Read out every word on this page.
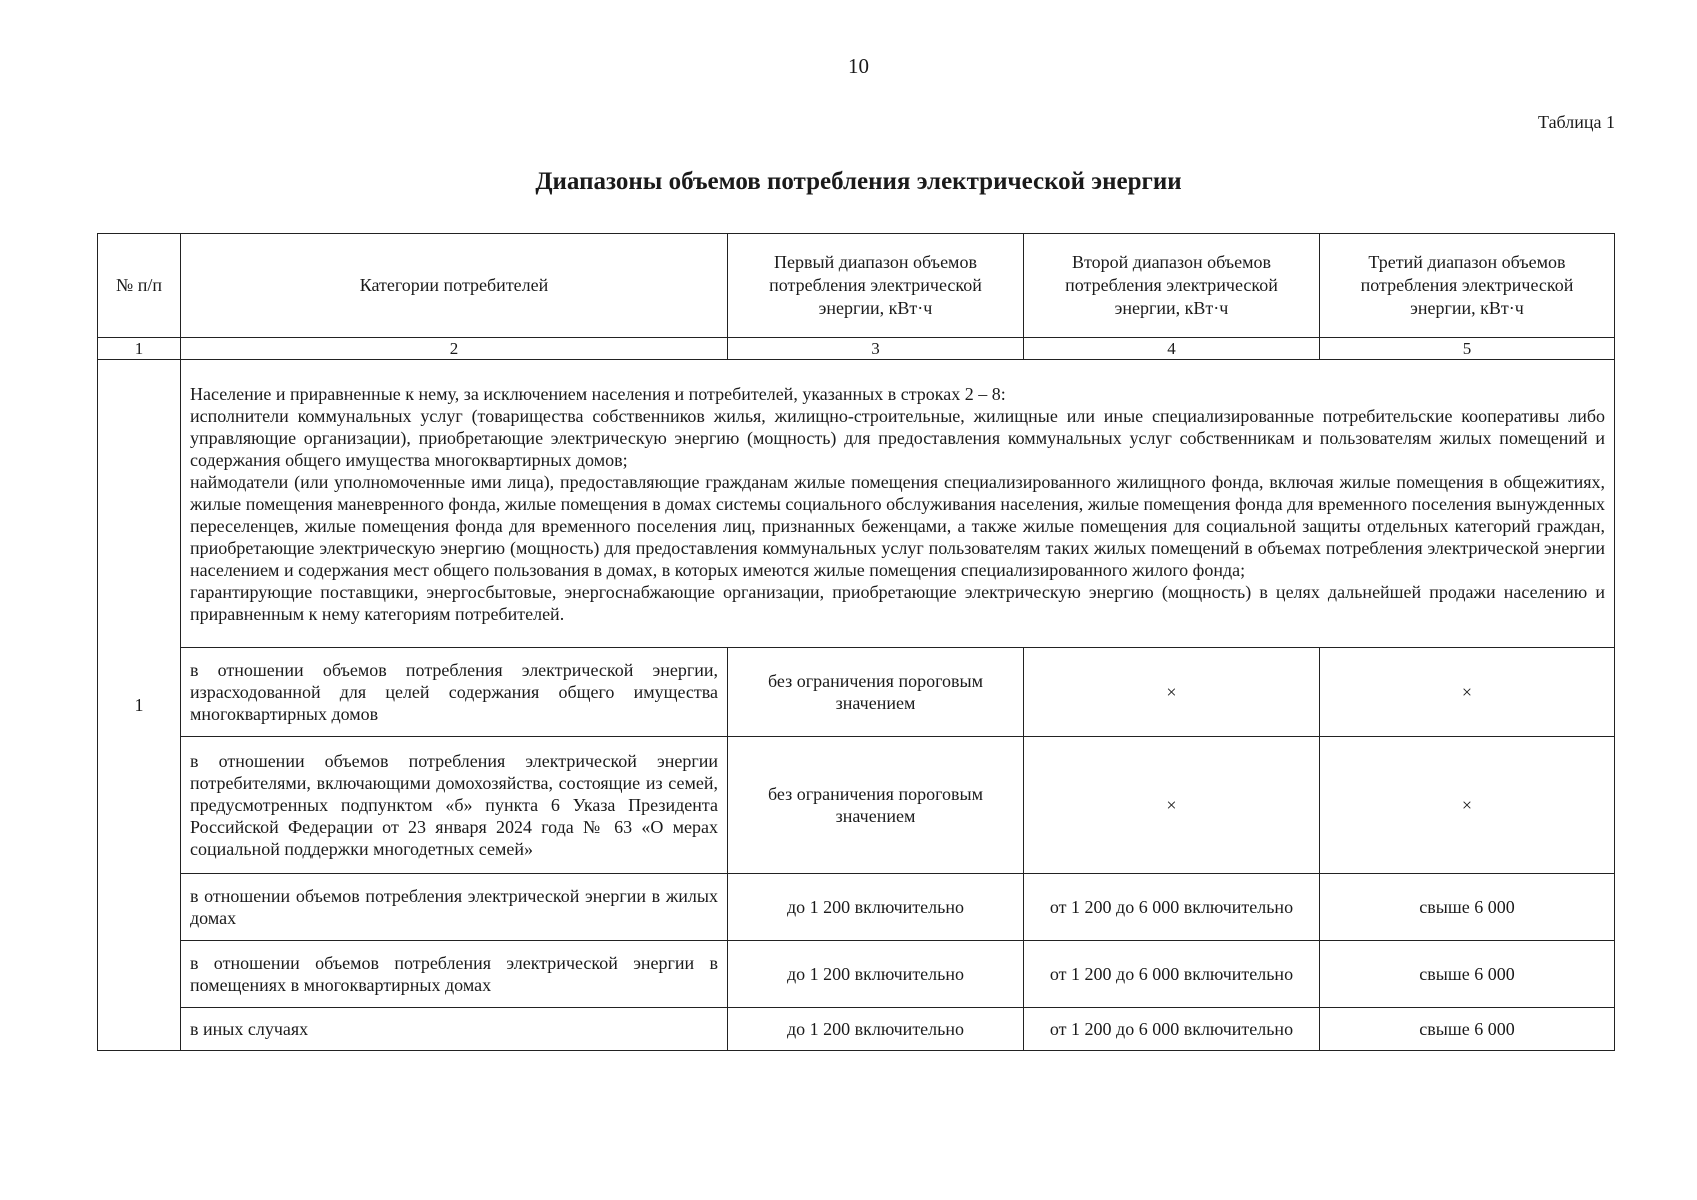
10
Таблица 1
Диапазоны объемов потребления электрической энергии
№ п/п	Категории потребителей	Первый диапазон объемов потребления электрической энергии, кВт·ч	Второй диапазон объемов потребления электрической энергии, кВт·ч	Третий диапазон объемов потребления электрической энергии, кВт·ч
1	2	3	4	5
1	Население и приравненные к нему, за исключением населения и потребителей, указанных в строках 2 – 8:

исполнители коммунальных услуг (товарищества собственников жилья, жилищно-строительные, жилищные или иные специализированные потребительские кооперативы либо управляющие организации), приобретающие электрическую энергию (мощность) для предоставления коммунальных услуг собственникам и пользователям жилых помещений и содержания общего имущества многоквартирных домов;

наймодатели (или уполномоченные ими лица), предоставляющие гражданам жилые помещения специализированного жилищного фонда, включая жилые помещения в общежитиях, жилые помещения маневренного фонда, жилые помещения в домах системы социального обслуживания населения, жилые помещения фонда для временного поселения вынужденных переселенцев, жилые помещения фонда для временного поселения лиц, признанных беженцами, а также жилые помещения для социальной защиты отдельных категорий граждан, приобретающие электрическую энергию (мощность) для предоставления коммунальных услуг пользователям таких жилых помещений в объемах потребления электрической энергии населением и содержания мест общего пользования в домах, в которых имеются жилые помещения специализированного жилого фонда;

гарантирующие поставщики, энергосбытовые, энергоснабжающие организации, приобретающие электрическую энергию (мощность) в целях дальнейшей продажи населению и приравненным к нему категориям потребителей.			

	в отношении объемов потребления электрической энергии, израсходованной для целей содержания общего имущества многоквартирных домов	без ограничения пороговым значением	×	×
	в отношении объемов потребления электрической энергии потребителями, включающими домохозяйства, состоящие из семей, предусмотренных подпунктом «б» пункта 6 Указа Президента Российской Федерации от 23 января 2024 года № 63 «О мерах социальной поддержки многодетных семей»	без ограничения пороговым значением	×	×
	в отношении объемов потребления электрической энергии в жилых домах	до 1 200 включительно	от 1 200 до 6 000 включительно	свыше 6 000
	в отношении объемов потребления электрической энергии в помещениях в многоквартирных домах	до 1 200 включительно	от 1 200 до 6 000 включительно	свыше 6 000
	в иных случаях	до 1 200 включительно	от 1 200 до 6 000 включительно	свыше 6 000
